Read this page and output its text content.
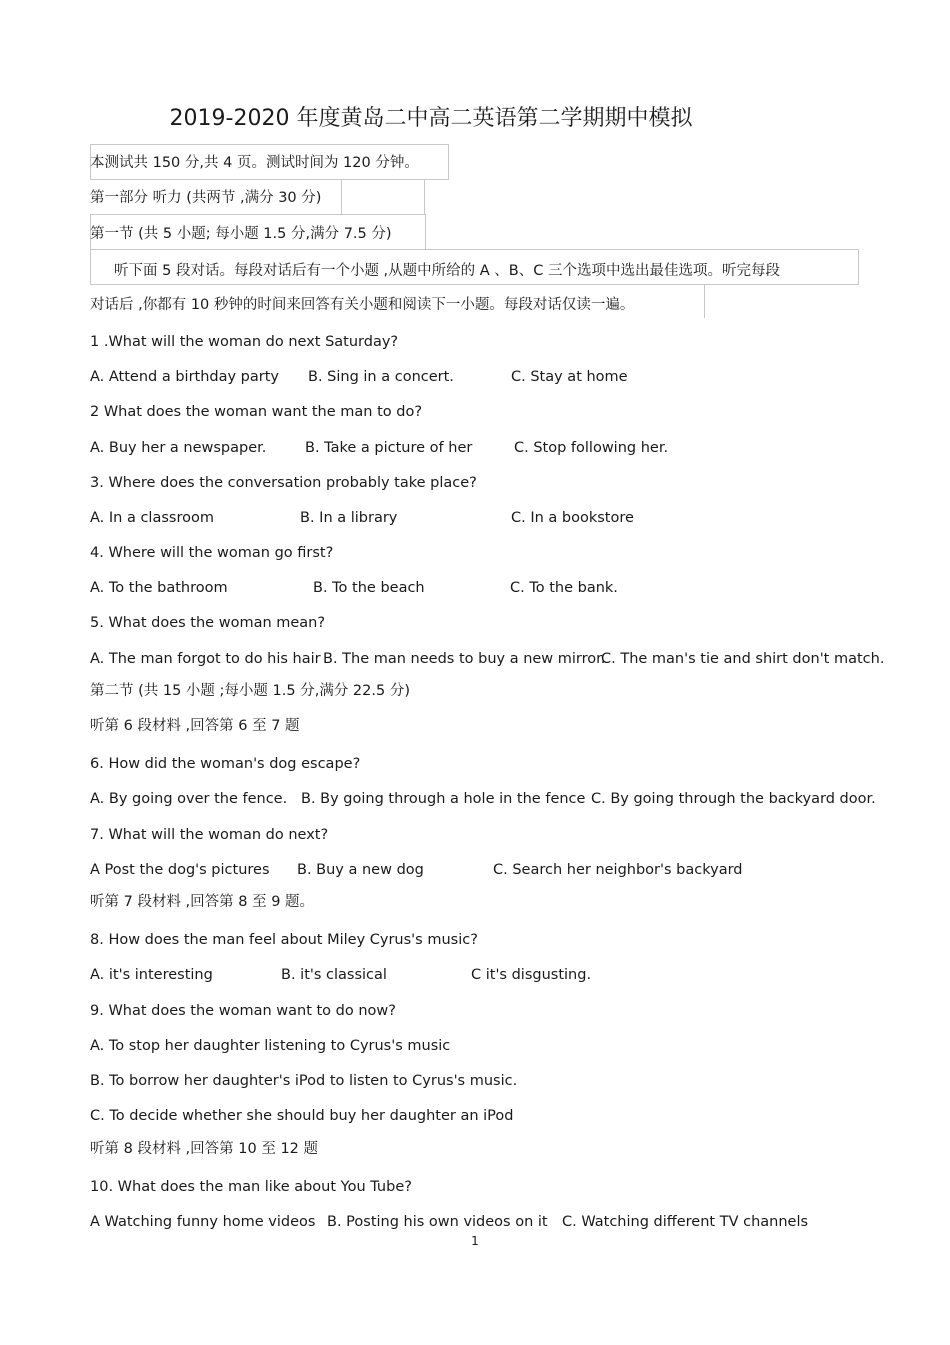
2019-2020 年度黄岛二中高二英语第二学期期中模拟
本测试共 150 分,共 4 页。测试时间为 120 分钟。
第一部分 听力 (共两节 ,满分 30 分)
第一节 (共 5 小题; 每小题 1.5 分,满分 7.5 分)
听下面 5 段对话。每段对话后有一个小题 ,从题中所给的 A 、B、C 三个选项中选出最佳选项。听完每段
对话后 ,你都有 10 秒钟的时间来回答有关小题和阅读下一小题。每段对话仅读一遍。
1 .What will the woman do next Saturday?
A. Attend a birthday party B. Sing in a concert.	C. Stay at home
2 What does the woman want the man to do?
A. Buy her a newspaper.	B. Take a picture of her	C. Stop following her.
3. Where does the conversation probably take place?
A. In a classroom	B. In a library	C. In a bookstore
4. Where will the woman go first?
A. To the bathroom	B. To the beach	C. To the bank.
5. What does the woman mean?
A. The man forgot to do his hair B. The man needs to buy a new mirror.
C. The man's tie and shirt don't match.
第二节 (共 15 小题 ;每小题 1.5 分,满分 22.5 分)
听第 6 段材料 ,回答第 6 至 7 题
6. How did the woman's dog escape?
A. By going over the fence. B. By going through a hole in the fence C. By going through the backyard door.
7. What will the woman do next?
A Post the dog's pictures B. Buy a new dog	C. Search her neighbor's backyard
听第 7 段材料 ,回答第 8 至 9 题。
8. How does the man feel about Miley Cyrus's music?
A. it's interesting	B. it's classical	C it's disgusting.
9. What does the woman want to do now?
A. To stop her daughter listening to Cyrus's music
B. To borrow her daughter's iPod to listen to Cyrus's music.
C. To decide whether she should buy her daughter an iPod
听第 8 段材料 ,回答第 10 至 12 题
10. What does the man like about You Tube?
A Watching funny home videos B. Posting his own videos on it C. Watching different TV channels
1
